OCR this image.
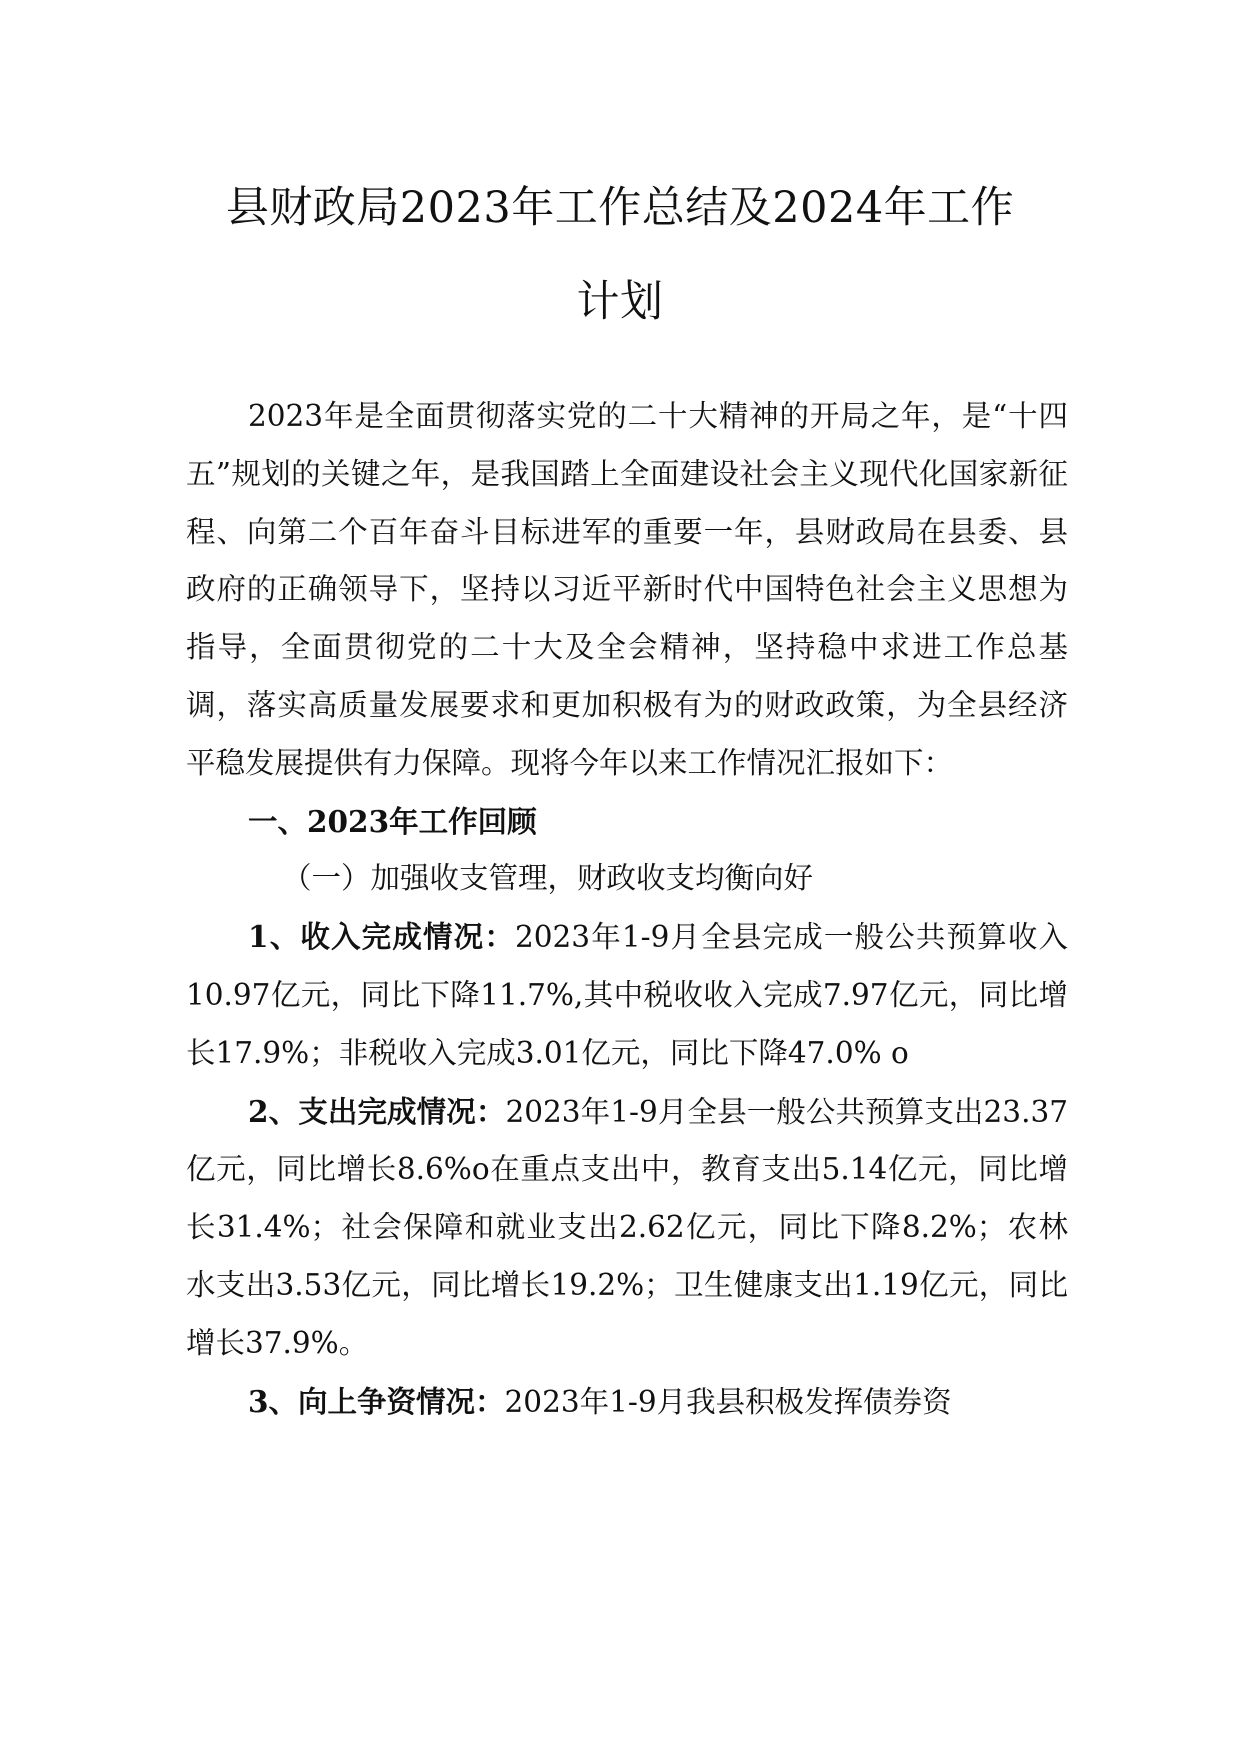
县财政局2023年工作总结及2024年工作
计划

2023年是全面贯彻落实党的二十大精神的开局之年，是“十四五”规划的关键之年，是我国踏上全面建设社会主义现代化国家新征程、向第二个百年奋斗目标进军的重要一年，县财政局在县委、县政府的正确领导下，坚持以习近平新时代中国特色社会主义思想为指导，全面贯彻党的二十大及全会精神，坚持稳中求进工作总基调，落实高质量发展要求和更加积极有为的财政政策，为全县经济平稳发展提供有力保障。现将今年以来工作情况汇报如下：

一、2023年工作回顾

（一）加强收支管理，财政收支均衡向好

1、收入完成情况：2023年1-9月全县完成一般公共预算收入10.97亿元，同比下降11.7%,其中税收收入完成7.97亿元，同比增长17.9%；非税收入完成3.01亿元，同比下降47.0% o

2、支出完成情况：2023年1-9月全县一般公共预算支出23.37亿元，同比增长8.6%o在重点支出中，教育支出5.14亿元，同比增长31.4%；社会保障和就业支出2.62亿元，同比下降8.2%；农林水支出3.53亿元，同比增长19.2%；卫生健康支出1.19亿元，同比增长37.9%。

3、向上争资情况：2023年1-9月我县积极发挥债券资
